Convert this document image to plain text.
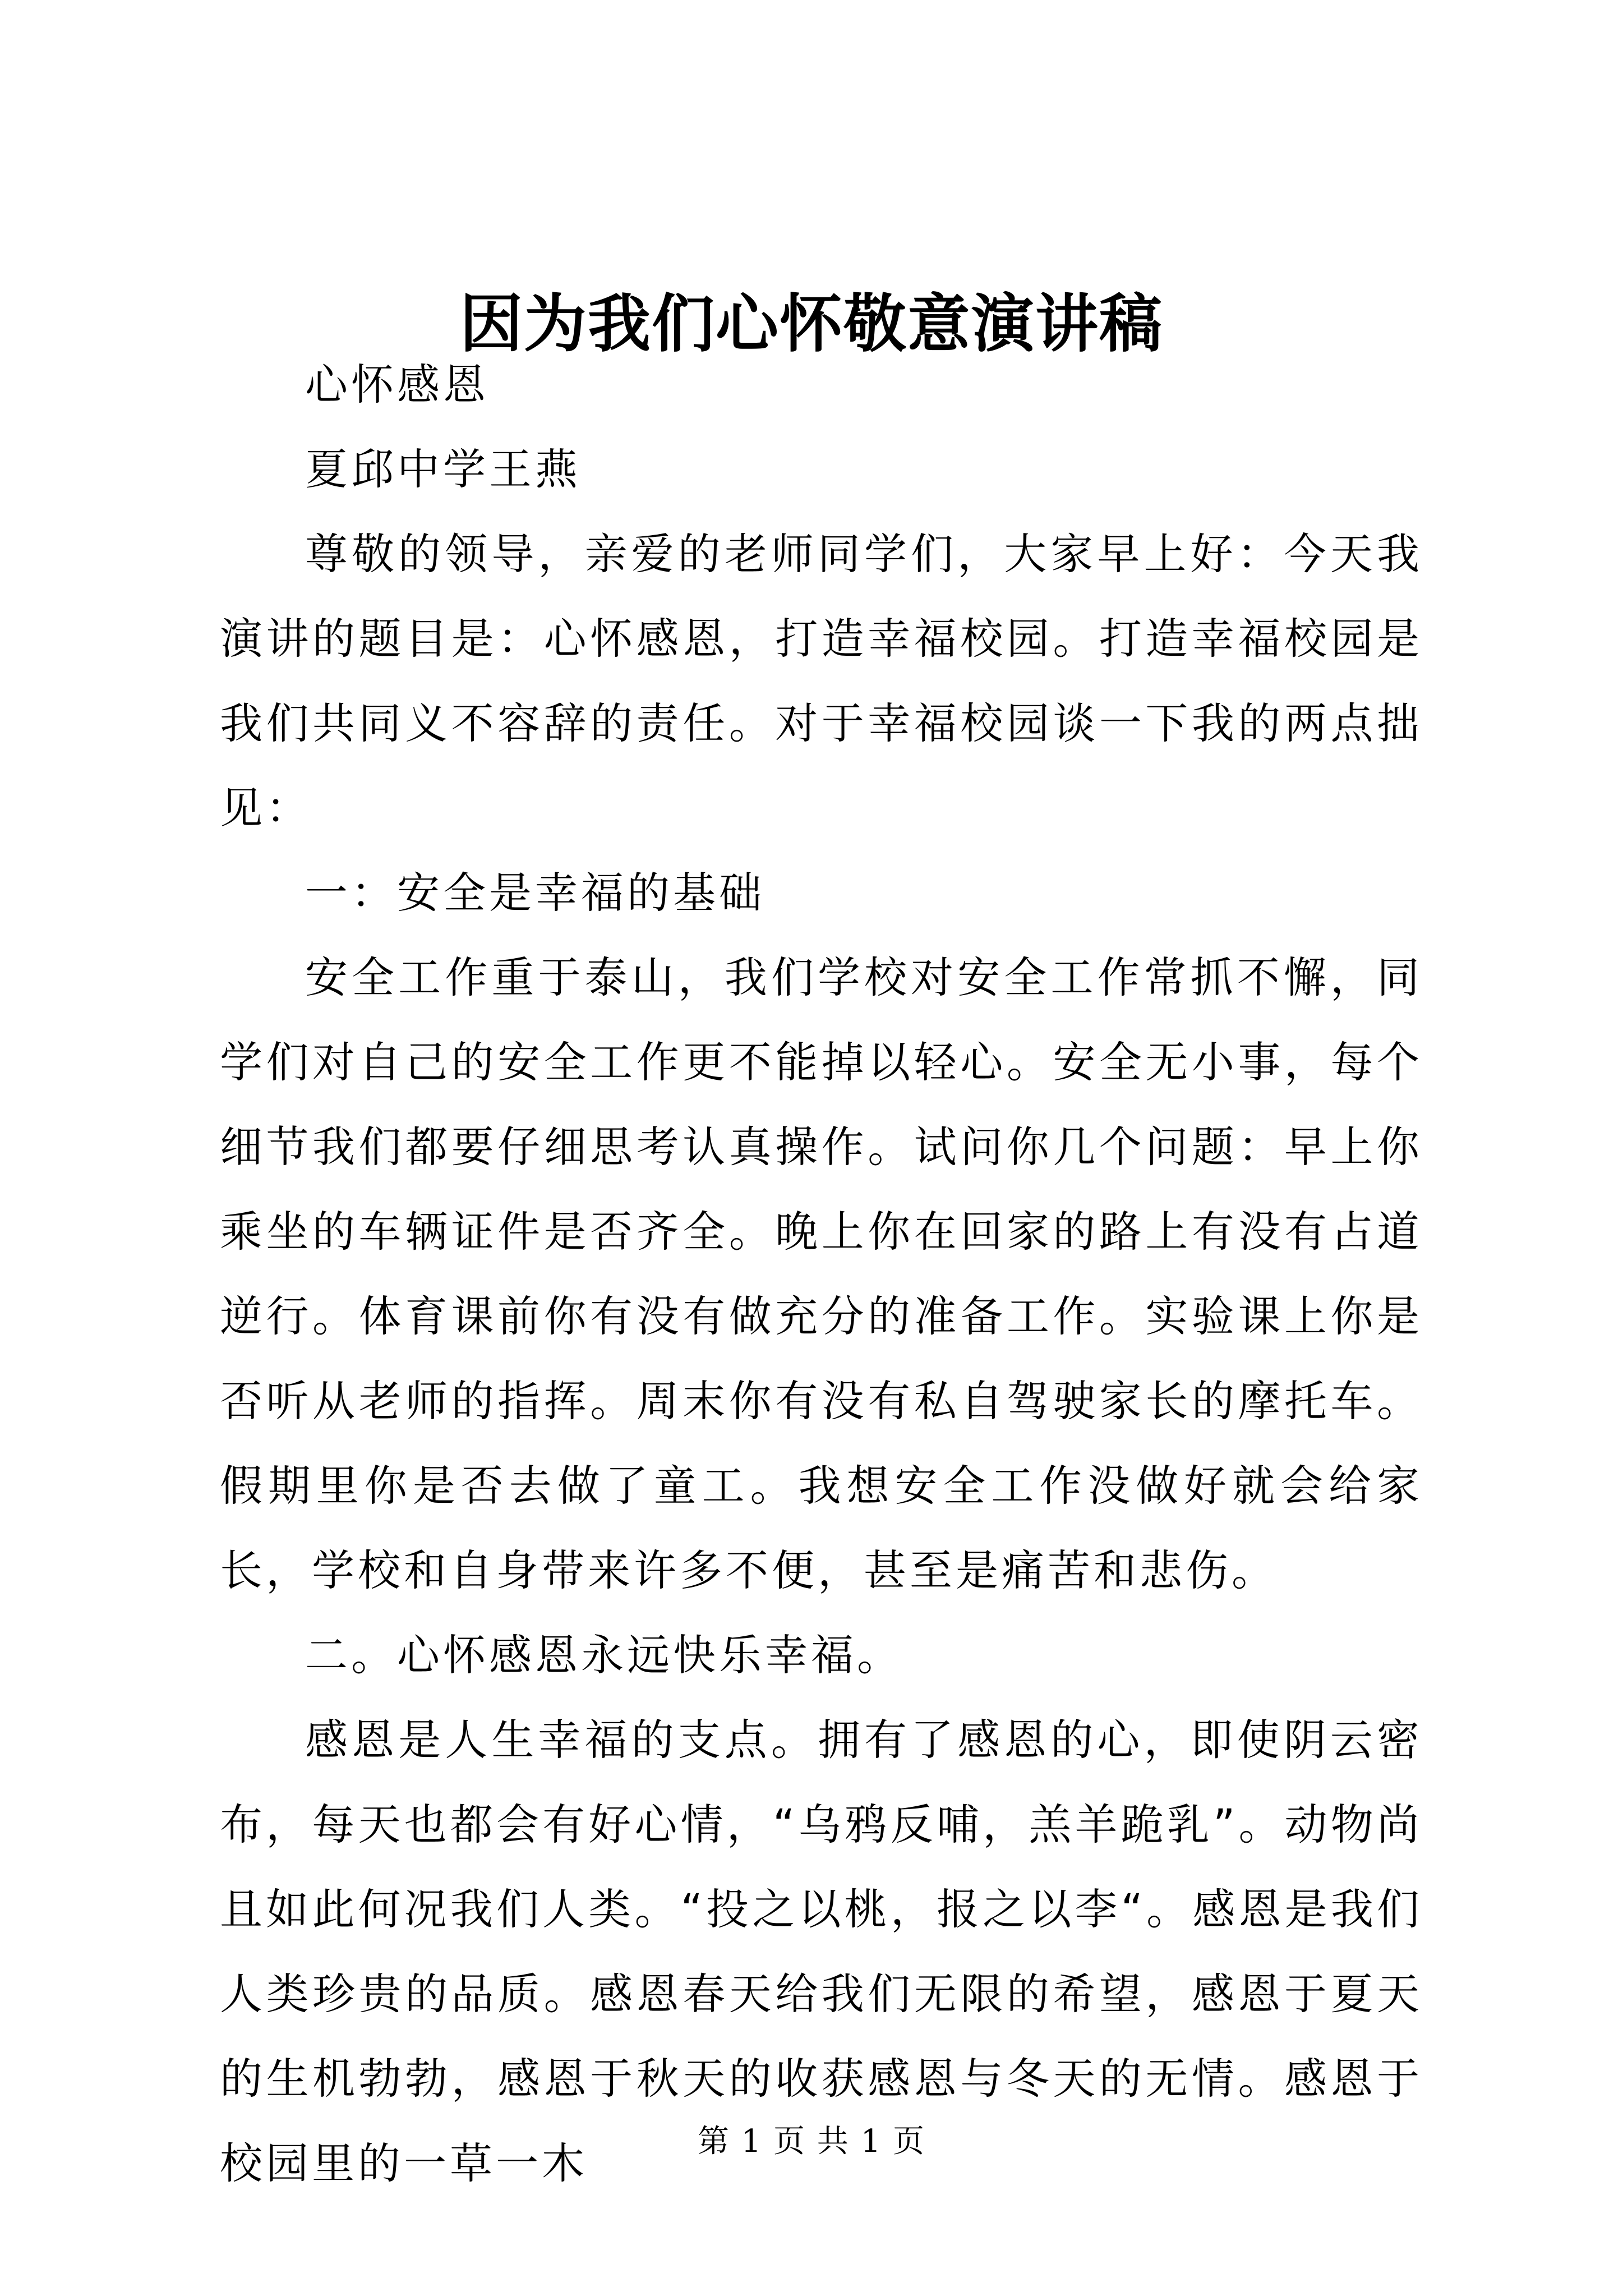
因为我们心怀敬意演讲稿

心怀感恩

夏邱中学王燕

尊敬的领导，亲爱的老师同学们，大家早上好：今天我演讲的题目是：心怀感恩，打造幸福校园。打造幸福校园是我们共同义不容辞的责任。对于幸福校园谈一下我的两点拙见：

一：安全是幸福的基础

安全工作重于泰山，我们学校对安全工作常抓不懈，同学们对自己的安全工作更不能掉以轻心。安全无小事，每个细节我们都要仔细思考认真操作。试问你几个问题：早上你乘坐的车辆证件是否齐全。晚上你在回家的路上有没有占道逆行。体育课前你有没有做充分的准备工作。实验课上你是否听从老师的指挥。周末你有没有私自驾驶家长的摩托车。假期里你是否去做了童工。我想安全工作没做好就会给家长，学校和自身带来许多不便，甚至是痛苦和悲伤。

二。心怀感恩永远快乐幸福。

感恩是人生幸福的支点。拥有了感恩的心，即使阴云密布，每天也都会有好心情，“乌鸦反哺，羔羊跪乳”。动物尚且如此何况我们人类。“投之以桃，报之以李“。感恩是我们人类珍贵的品质。感恩春天给我们无限的希望，感恩于夏天的生机勃勃，感恩于秋天的收获感恩与冬天的无情。感恩于校园里的一草一木	第 1 页 共 1 页
